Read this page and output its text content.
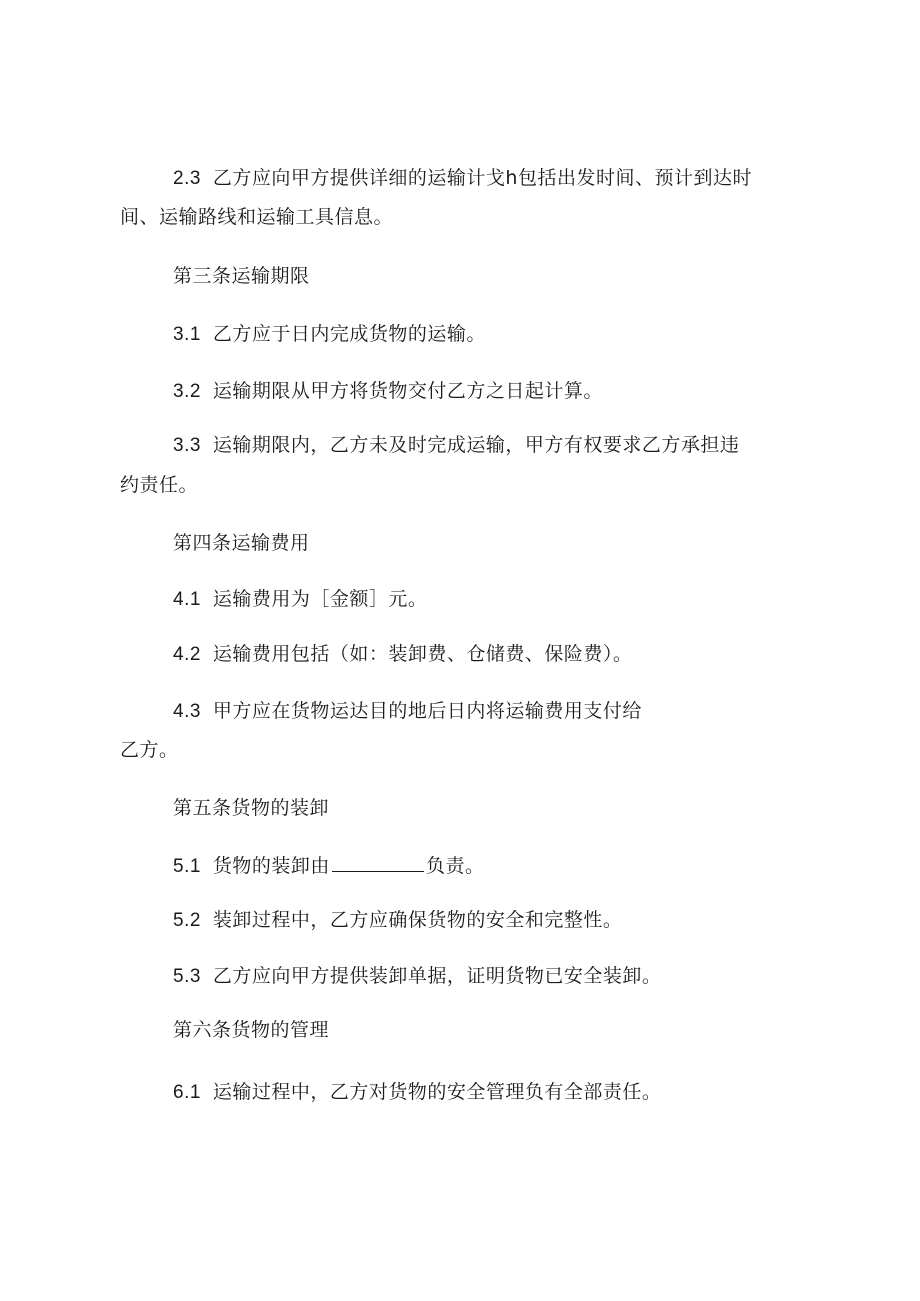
2.3 乙方应向甲方提供详细的运输计戈h包括出发时间、预计到达时
间、运输路线和运输工具信息。
第三条运输期限
3.1 乙方应于日内完成货物的运输。
3.2 运输期限从甲方将货物交付乙方之日起计算。
3.3 运输期限内，乙方未及时完成运输，甲方有权要求乙方承担违
约责任。
第四条运输费用
4.1 运输费用为［金额］元。
4.2 运输费用包括（如：装卸费、仓储费、保险费）。
4.3 甲方应在货物运达目的地后日内将运输费用支付给
乙方。
第五条货物的装卸
5.1 货物的装卸由	负责。
5.2 装卸过程中，乙方应确保货物的安全和完整性。
5.3 乙方应向甲方提供装卸单据，证明货物已安全装卸。
第六条货物的管理
6.1 运输过程中，乙方对货物的安全管理负有全部责任。
